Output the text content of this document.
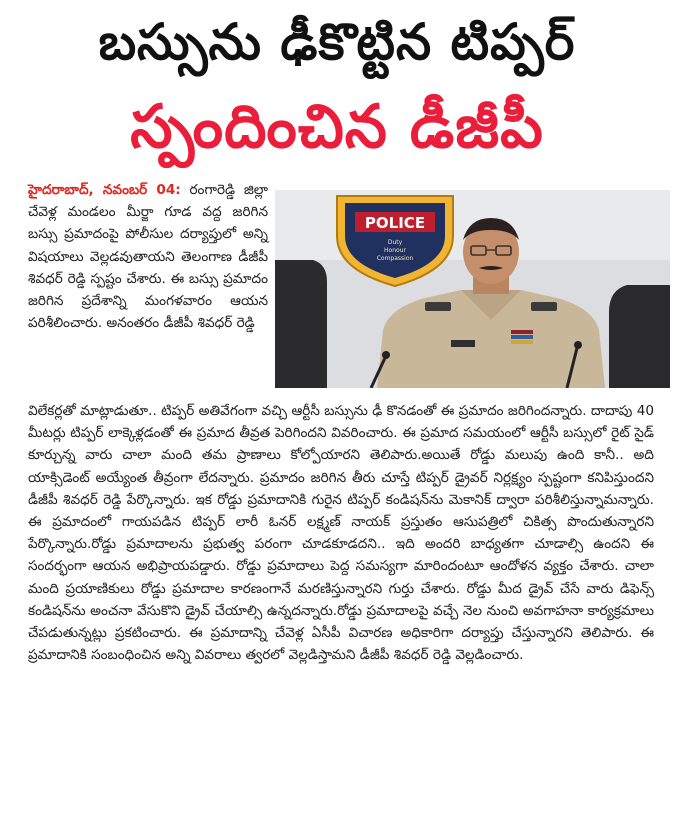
బస్సును ఢీకొట్టిన టిప్పర్
స్పందించిన డీజీపీ
POLICE
Duty
Honour
Compassion

హైదరాబాద్, నవంబర్ 04: రంగారెడ్డి జిల్లా చేవెళ్ల మండలం మీర్జా గూడ వద్ద జరిగిన బస్సు ప్రమాదంపై పోలీసుల దర్యాప్తులో అన్ని విషయాలు వెల్లడవుతాయని తెలంగాణ డీజీపీ శివధర్ రెడ్డి స్పష్టం చేశారు. ఈ బస్సు ప్రమాదం జరిగిన ప్రదేశాన్ని మంగళవారం ఆయన పరిశీలించారు. అనంతరం డీజీపీ శివధర్ రెడ్డి

విలేకర్లతో మాట్లాడుతూ.. టిప్పర్ అతివేగంగా వచ్చి ఆర్టీసీ బస్సును ఢీ కొనడంతో ఈ ప్రమాదం జరిగిందన్నారు. దాదాపు 40 మీటర్లు టిప్పర్ లాక్కెళ్లడంతో ఈ ప్రమాద తీవ్రత పెరిగిందని వివరించారు. ఈ ప్రమాద సమయంలో ఆర్టీసీ బస్సులో రైట్ సైడ్ కూర్చున్న వారు చాలా మంది తమ ప్రాణాలు కోల్పోయారని తెలిపారు.అయితే రోడ్డు మలుపు ఉంది కానీ.. అది యాక్సిడెంట్ అయ్యేంత తీవ్రంగా లేదన్నారు. ప్రమాదం జరిగిన తీరు చూస్తే టిప్పర్ డ్రైవర్ నిర్లక్ష్యం స్పష్టంగా కనిపిస్తుందని డీజీపీ శివధర్ రెడ్డి పేర్కొన్నారు. ఇక రోడ్డు ప్రమాదానికి గురైన టిప్పర్ కండిషన్‌ను మెకానిక్ ద్వారా పరిశీలిస్తున్నామన్నారు. ఈ ప్రమాదంలో గాయపడిన టిప్పర్ లారీ ఓనర్ లక్ష్మణ్ నాయక్ ప్రస్తుతం ఆసుపత్రిలో చికిత్స పొందుతున్నారని పేర్కొన్నారు.రోడ్డు ప్రమాదాలను ప్రభుత్వ పరంగా చూడకూడదని.. ఇది అందరి బాధ్యతగా చూడాల్సి ఉందని ఈ సందర్భంగా ఆయన అభిప్రాయపడ్డారు. రోడ్డు ప్రమాదాలు పెద్ద సమస్యగా మారిందంటూ ఆందోళన వ్యక్తం చేశారు. చాలా మంది ప్రయాణికులు రోడ్డు ప్రమాదాల కారణంగానే మరణిస్తున్నారని గుర్తు చేశారు. రోడ్డు మీద డ్రైవ్ చేసే వారు డిఫెన్స్ కండిషన్‌ను అంచనా వేసుకొని డ్రైవ్ చేయాల్సి ఉన్నదన్నారు.రోడ్డు ప్రమాదాలపై వచ్చే నెల నుంచి అవగాహనా కార్యక్రమాలు చేపడుతున్నట్లు ప్రకటించారు. ఈ ప్రమాదాన్ని చేవెళ్ల ఏసీపీ విచారణ అధికారిగా దర్యాప్తు చేస్తున్నారని తెలిపారు. ఈ ప్రమాదానికి సంబంధించిన అన్ని వివరాలు త్వరలో వెల్లడిస్తామని డీజీపీ శివధర్ రెడ్డి వెల్లడించారు.
